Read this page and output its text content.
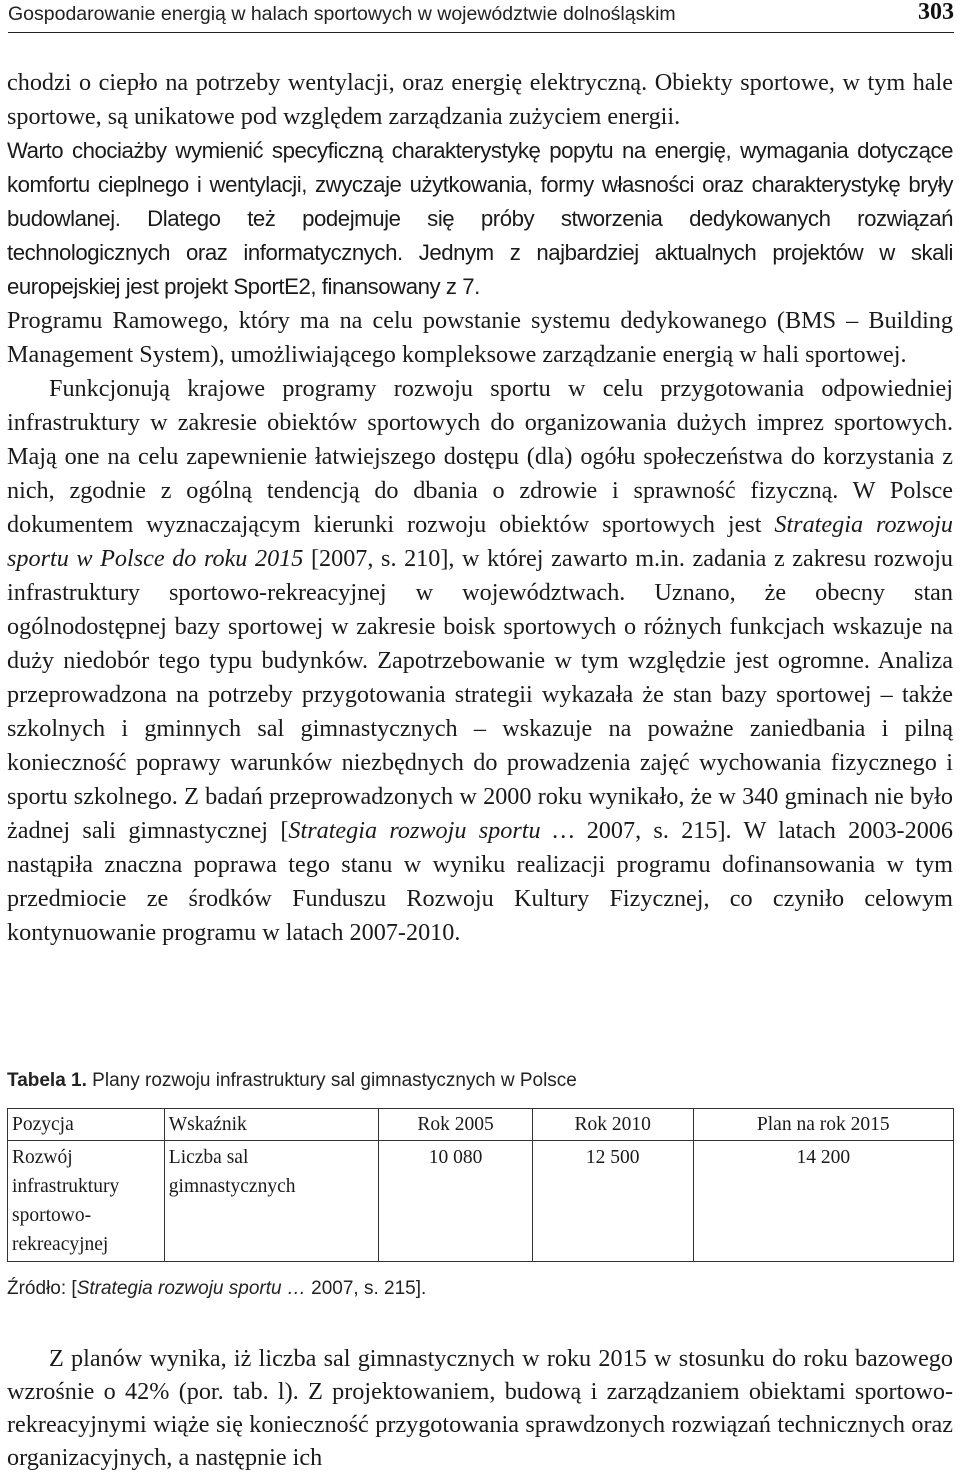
Gospodarowanie energią w halach sportowych w województwie dolnośląskim	303

chodzi o ciepło na potrzeby wentylacji, oraz energię elektryczną. Obiekty sportowe, w tym hale sportowe, są unikatowe pod względem zarządzania zużyciem energii.

Warto chociażby wymienić specyficzną charakterystykę popytu na energię, wymagania dotyczące komfortu cieplnego i wentylacji, zwyczaje użytkowania, formy własności oraz charakterystykę bryły budowlanej. Dlatego też podejmuje się próby stworzenia dedykowanych rozwiązań technologicznych oraz informatycznych. Jednym z najbardziej aktualnych projektów w skali europejskiej jest projekt SportE2, finansowany z 7.

Programu Ramowego, który ma na celu powstanie systemu dedykowanego (BMS – Building Management System), umożliwiającego kompleksowe zarządzanie energią w hali sportowej.

Funkcjonują krajowe programy rozwoju sportu w celu przygotowania odpowiedniej infrastruktury w zakresie obiektów sportowych do organizowania dużych imprez sportowych. Mają one na celu zapewnienie łatwiejszego dostępu (dla) ogółu społeczeństwa do korzystania z nich, zgodnie z ogólną tendencją do dbania o zdrowie i sprawność fizyczną. W Polsce dokumentem wyznaczającym kierunki rozwoju obiektów sportowych jest Strategia rozwoju sportu w Polsce do roku 2015 [2007, s. 210], w której zawarto m.in. zadania z zakresu rozwoju infrastruktury sportowo-rekreacyjnej w województwach. Uznano, że obecny stan ogólnodostępnej bazy sportowej w zakresie boisk sportowych o różnych funkcjach wskazuje na duży niedobór tego typu budynków. Zapotrzebowanie w tym względzie jest ogromne. Analiza przeprowadzona na potrzeby przygotowania strategii wykazała że stan bazy sportowej – także szkolnych i gminnych sal gimnastycznych – wskazuje na poważne zaniedbania i pilną konieczność poprawy warunków niezbędnych do prowadzenia zajęć wychowania fizycznego i sportu szkolnego. Z badań przeprowadzonych w 2000 roku wynikało, że w 340 gminach nie było żadnej sali gimnastycznej [Strategia rozwoju sportu … 2007, s. 215]. W latach 2003-2006 nastąpiła znaczna poprawa tego stanu w wyniku realizacji programu dofinansowania w tym przedmiocie ze środków Funduszu Rozwoju Kultury Fizycznej, co czyniło celowym kontynuowanie programu w latach 2007-2010.

Tabela 1. Plany rozwoju infrastruktury sal gimnastycznych w Polsce
Pozycja	Wskaźnik	Rok 2005	Rok 2010	Plan na rok 2015
Rozwój infrastruktury sportowo-rekreacyjnej	Liczba sal gimnastycznych	10 080	12 500	14 200
Źródło: [Strategia rozwoju sportu … 2007, s. 215].

Z planów wynika, iż liczba sal gimnastycznych w roku 2015 w stosunku do roku bazowego wzrośnie o 42% (por. tab. l). Z projektowaniem, budową i zarządzaniem obiektami sportowo-rekreacyjnymi wiąże się konieczność przygotowania sprawdzonych rozwiązań technicznych oraz organizacyjnych, a następnie ich
